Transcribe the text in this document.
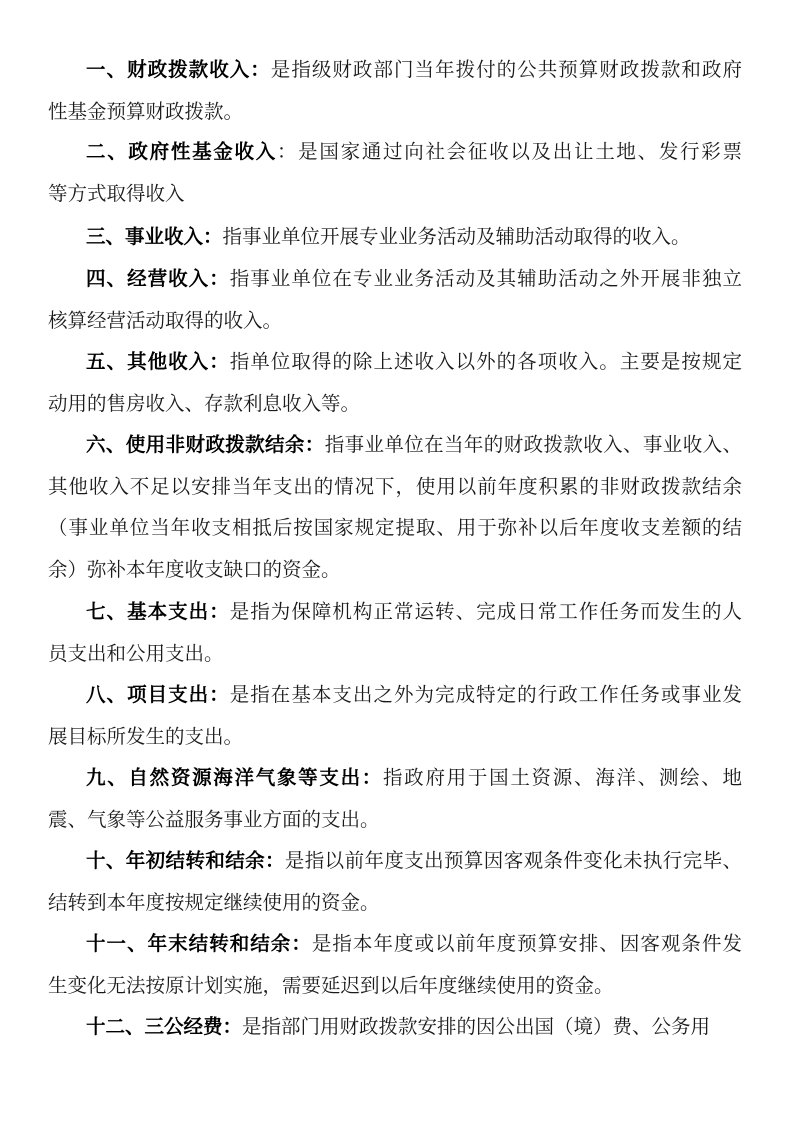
一、财政拨款收入：是指级财政部门当年拨付的公共预算财政拨款和政府
性基金预算财政拨款。
二、政府性基金收入：是国家通过向社会征收以及出让土地、发行彩票
等方式取得收入
三、事业收入：指事业单位开展专业业务活动及辅助活动取得的收入。
四、经营收入：指事业单位在专业业务活动及其辅助活动之外开展非独立
核算经营活动取得的收入。
五、其他收入：指单位取得的除上述收入以外的各项收入。主要是按规定
动用的售房收入、存款利息收入等。
六、使用非财政拨款结余：指事业单位在当年的财政拨款收入、事业收入、
其他收入不足以安排当年支出的情况下，使用以前年度积累的非财政拨款结余
（事业单位当年收支相抵后按国家规定提取、用于弥补以后年度收支差额的结
余）弥补本年度收支缺口的资金。
七、基本支出：是指为保障机构正常运转、完成日常工作任务而发生的人
员支出和公用支出。
八、项目支出：是指在基本支出之外为完成特定的行政工作任务或事业发
展目标所发生的支出。
九、自然资源海洋气象等支出：指政府用于国土资源、海洋、测绘、地
震、气象等公益服务事业方面的支出。
十、年初结转和结余：是指以前年度支出预算因客观条件变化未执行完毕、
结转到本年度按规定继续使用的资金。
十一、年末结转和结余：是指本年度或以前年度预算安排、因客观条件发
生变化无法按原计划实施，需要延迟到以后年度继续使用的资金。
十二、三公经费：是指部门用财政拨款安排的因公出国（境）费、公务用
